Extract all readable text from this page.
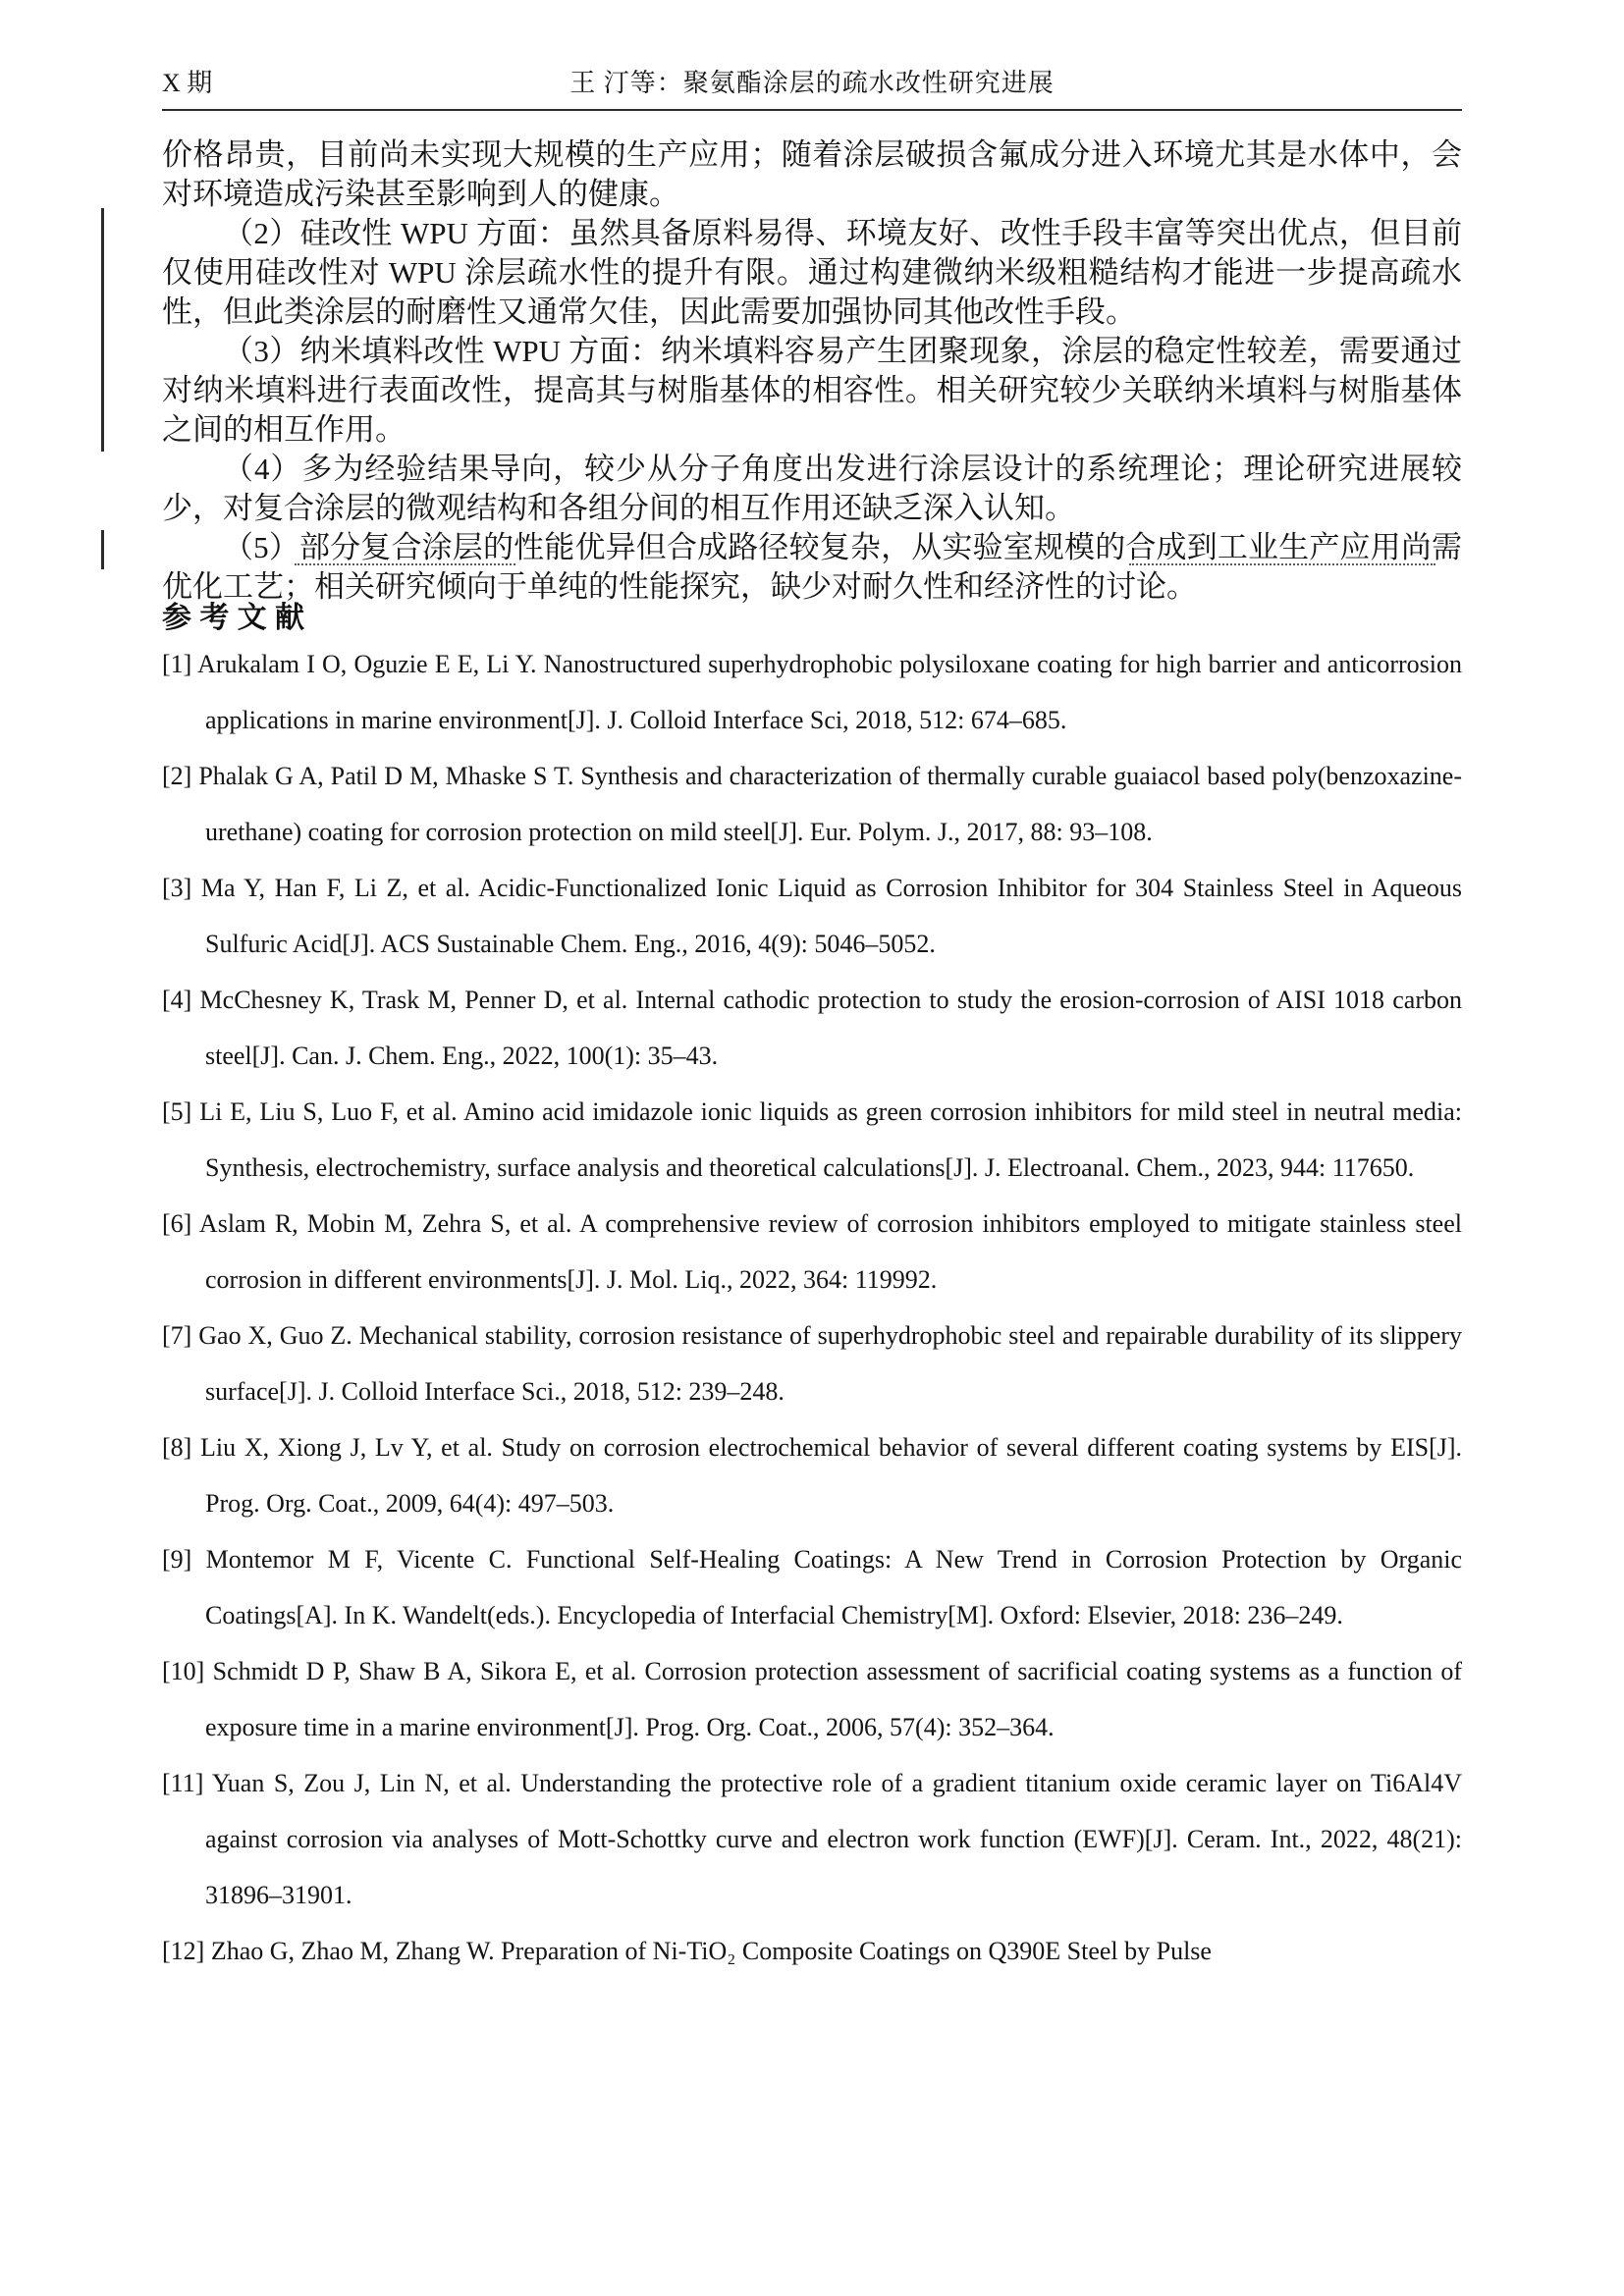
X 期	王 汀等：聚氨酯涂层的疏水改性研究进展

价格昂贵，目前尚未实现大规模的生产应用；随着涂层破损含氟成分进入环境尤其是水体中，会对环境造成污染甚至影响到人的健康。

（2）硅改性 WPU 方面：虽然具备原料易得、环境友好、改性手段丰富等突出优点，但目前仅使用硅改性对 WPU 涂层疏水性的提升有限。通过构建微纳米级粗糙结构才能进一步提高疏水性，但此类涂层的耐磨性又通常欠佳，因此需要加强协同其他改性手段。

（3）纳米填料改性 WPU 方面：纳米填料容易产生团聚现象，涂层的稳定性较差，需要通过对纳米填料进行表面改性，提高其与树脂基体的相容性。相关研究较少关联纳米填料与树脂基体之间的相互作用。

（4）多为经验结果导向，较少从分子角度出发进行涂层设计的系统理论；理论研究进展较少，对复合涂层的微观结构和各组分间的相互作用还缺乏深入认知。

（5）部分复合涂层的性能优异但合成路径较复杂，从实验室规模的合成到工业生产应用尚需优化工艺；相关研究倾向于单纯的性能探究，缺少对耐久性和经济性的讨论。

参 考 文 献
[1] Arukalam I O, Oguzie E E, Li Y. Nanostructured superhydrophobic polysiloxane coating for high barrier and anticorrosion applications in marine environment[J]. J. Colloid Interface Sci, 2018, 512: 674–685.
[2] Phalak G A, Patil D M, Mhaske S T. Synthesis and characterization of thermally curable guaiacol based poly(benzoxazine-urethane) coating for corrosion protection on mild steel[J]. Eur. Polym. J., 2017, 88: 93–108.
[3] Ma Y, Han F, Li Z, et al. Acidic-Functionalized Ionic Liquid as Corrosion Inhibitor for 304 Stainless Steel in Aqueous Sulfuric Acid[J]. ACS Sustainable Chem. Eng., 2016, 4(9): 5046–5052.
[4] McChesney K, Trask M, Penner D, et al. Internal cathodic protection to study the erosion-corrosion of AISI 1018 carbon steel[J]. Can. J. Chem. Eng., 2022, 100(1): 35–43.
[5] Li E, Liu S, Luo F, et al. Amino acid imidazole ionic liquids as green corrosion inhibitors for mild steel in neutral media: Synthesis, electrochemistry, surface analysis and theoretical calculations[J]. J. Electroanal. Chem., 2023, 944: 117650.
[6] Aslam R, Mobin M, Zehra S, et al. A comprehensive review of corrosion inhibitors employed to mitigate stainless steel corrosion in different environments[J]. J. Mol. Liq., 2022, 364: 119992.
[7] Gao X, Guo Z. Mechanical stability, corrosion resistance of superhydrophobic steel and repairable durability of its slippery surface[J]. J. Colloid Interface Sci., 2018, 512: 239–248.
[8] Liu X, Xiong J, Lv Y, et al. Study on corrosion electrochemical behavior of several different coating systems by EIS[J]. Prog. Org. Coat., 2009, 64(4): 497–503.
[9] Montemor M F, Vicente C. Functional Self-Healing Coatings: A New Trend in Corrosion Protection by Organic Coatings[A]. In K. Wandelt(eds.). Encyclopedia of Interfacial Chemistry[M]. Oxford: Elsevier, 2018: 236–249.
[10] Schmidt D P, Shaw B A, Sikora E, et al. Corrosion protection assessment of sacrificial coating systems as a function of exposure time in a marine environment[J]. Prog. Org. Coat., 2006, 57(4): 352–364.
[11] Yuan S, Zou J, Lin N, et al. Understanding the protective role of a gradient titanium oxide ceramic layer on Ti6Al4V against corrosion via analyses of Mott-Schottky curve and electron work function (EWF)[J]. Ceram. Int., 2022, 48(21): 31896–31901.
[12] Zhao G, Zhao M, Zhang W. Preparation of Ni-TiO₂ Composite Coatings on Q390E Steel by Pulse
